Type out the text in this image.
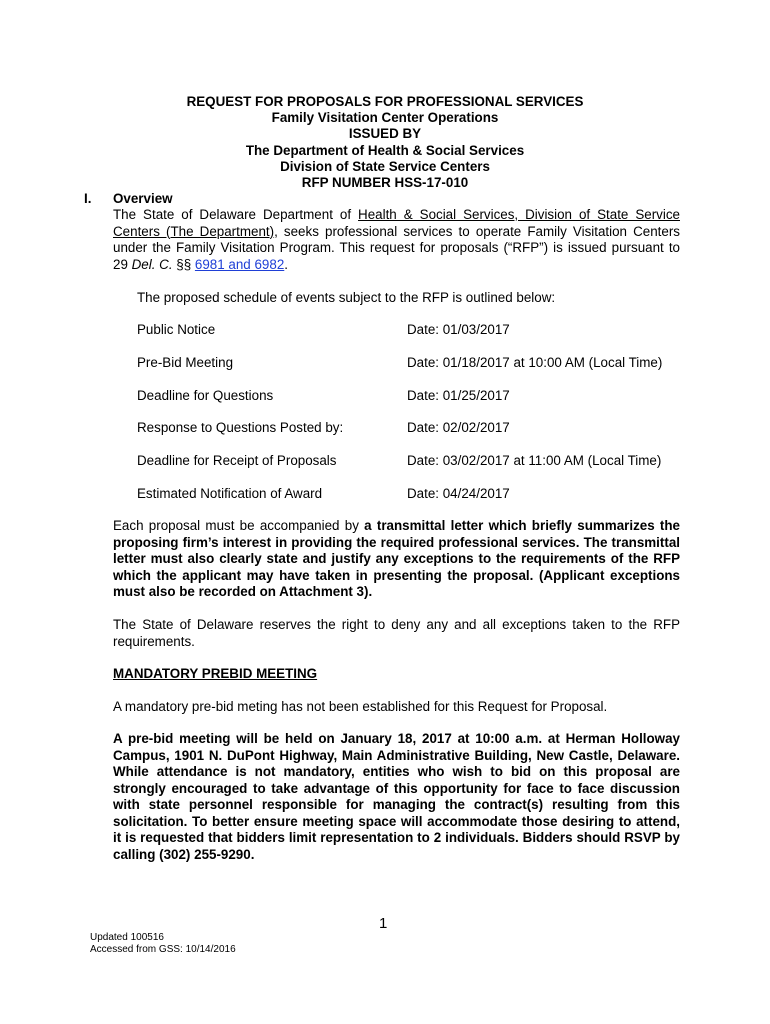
REQUEST FOR PROPOSALS FOR PROFESSIONAL SERVICES
Family Visitation Center Operations
ISSUED BY
The Department of Health & Social Services
Division of State Service Centers
RFP NUMBER HSS-17-010
I. Overview
The State of Delaware Department of Health & Social Services, Division of State Service Centers (The Department), seeks professional services to operate Family Visitation Centers under the Family Visitation Program. This request for proposals (“RFP”) is issued pursuant to 29 Del. C. §§ 6981 and 6982.
The proposed schedule of events subject to the RFP is outlined below:
Public Notice	Date: 01/03/2017
Pre-Bid Meeting	Date: 01/18/2017 at 10:00 AM (Local Time)
Deadline for Questions	Date: 01/25/2017
Response to Questions Posted by:	Date: 02/02/2017
Deadline for Receipt of Proposals	Date: 03/02/2017 at 11:00 AM (Local Time)
Estimated Notification of Award	Date: 04/24/2017
Each proposal must be accompanied by a transmittal letter which briefly summarizes the proposing firm’s interest in providing the required professional services. The transmittal letter must also clearly state and justify any exceptions to the requirements of the RFP which the applicant may have taken in presenting the proposal. (Applicant exceptions must also be recorded on Attachment 3).
The State of Delaware reserves the right to deny any and all exceptions taken to the RFP requirements.
MANDATORY PREBID MEETING
A mandatory pre-bid meting has not been established for this Request for Proposal.
A pre-bid meeting will be held on January 18, 2017 at 10:00 a.m. at Herman Holloway Campus, 1901 N. DuPont Highway, Main Administrative Building, New Castle, Delaware. While attendance is not mandatory, entities who wish to bid on this proposal are strongly encouraged to take advantage of this opportunity for face to face discussion with state personnel responsible for managing the contract(s) resulting from this solicitation. To better ensure meeting space will accommodate those desiring to attend, it is requested that bidders limit representation to 2 individuals. Bidders should RSVP by calling (302) 255-9290.
1
Updated 100516
Accessed from GSS: 10/14/2016
